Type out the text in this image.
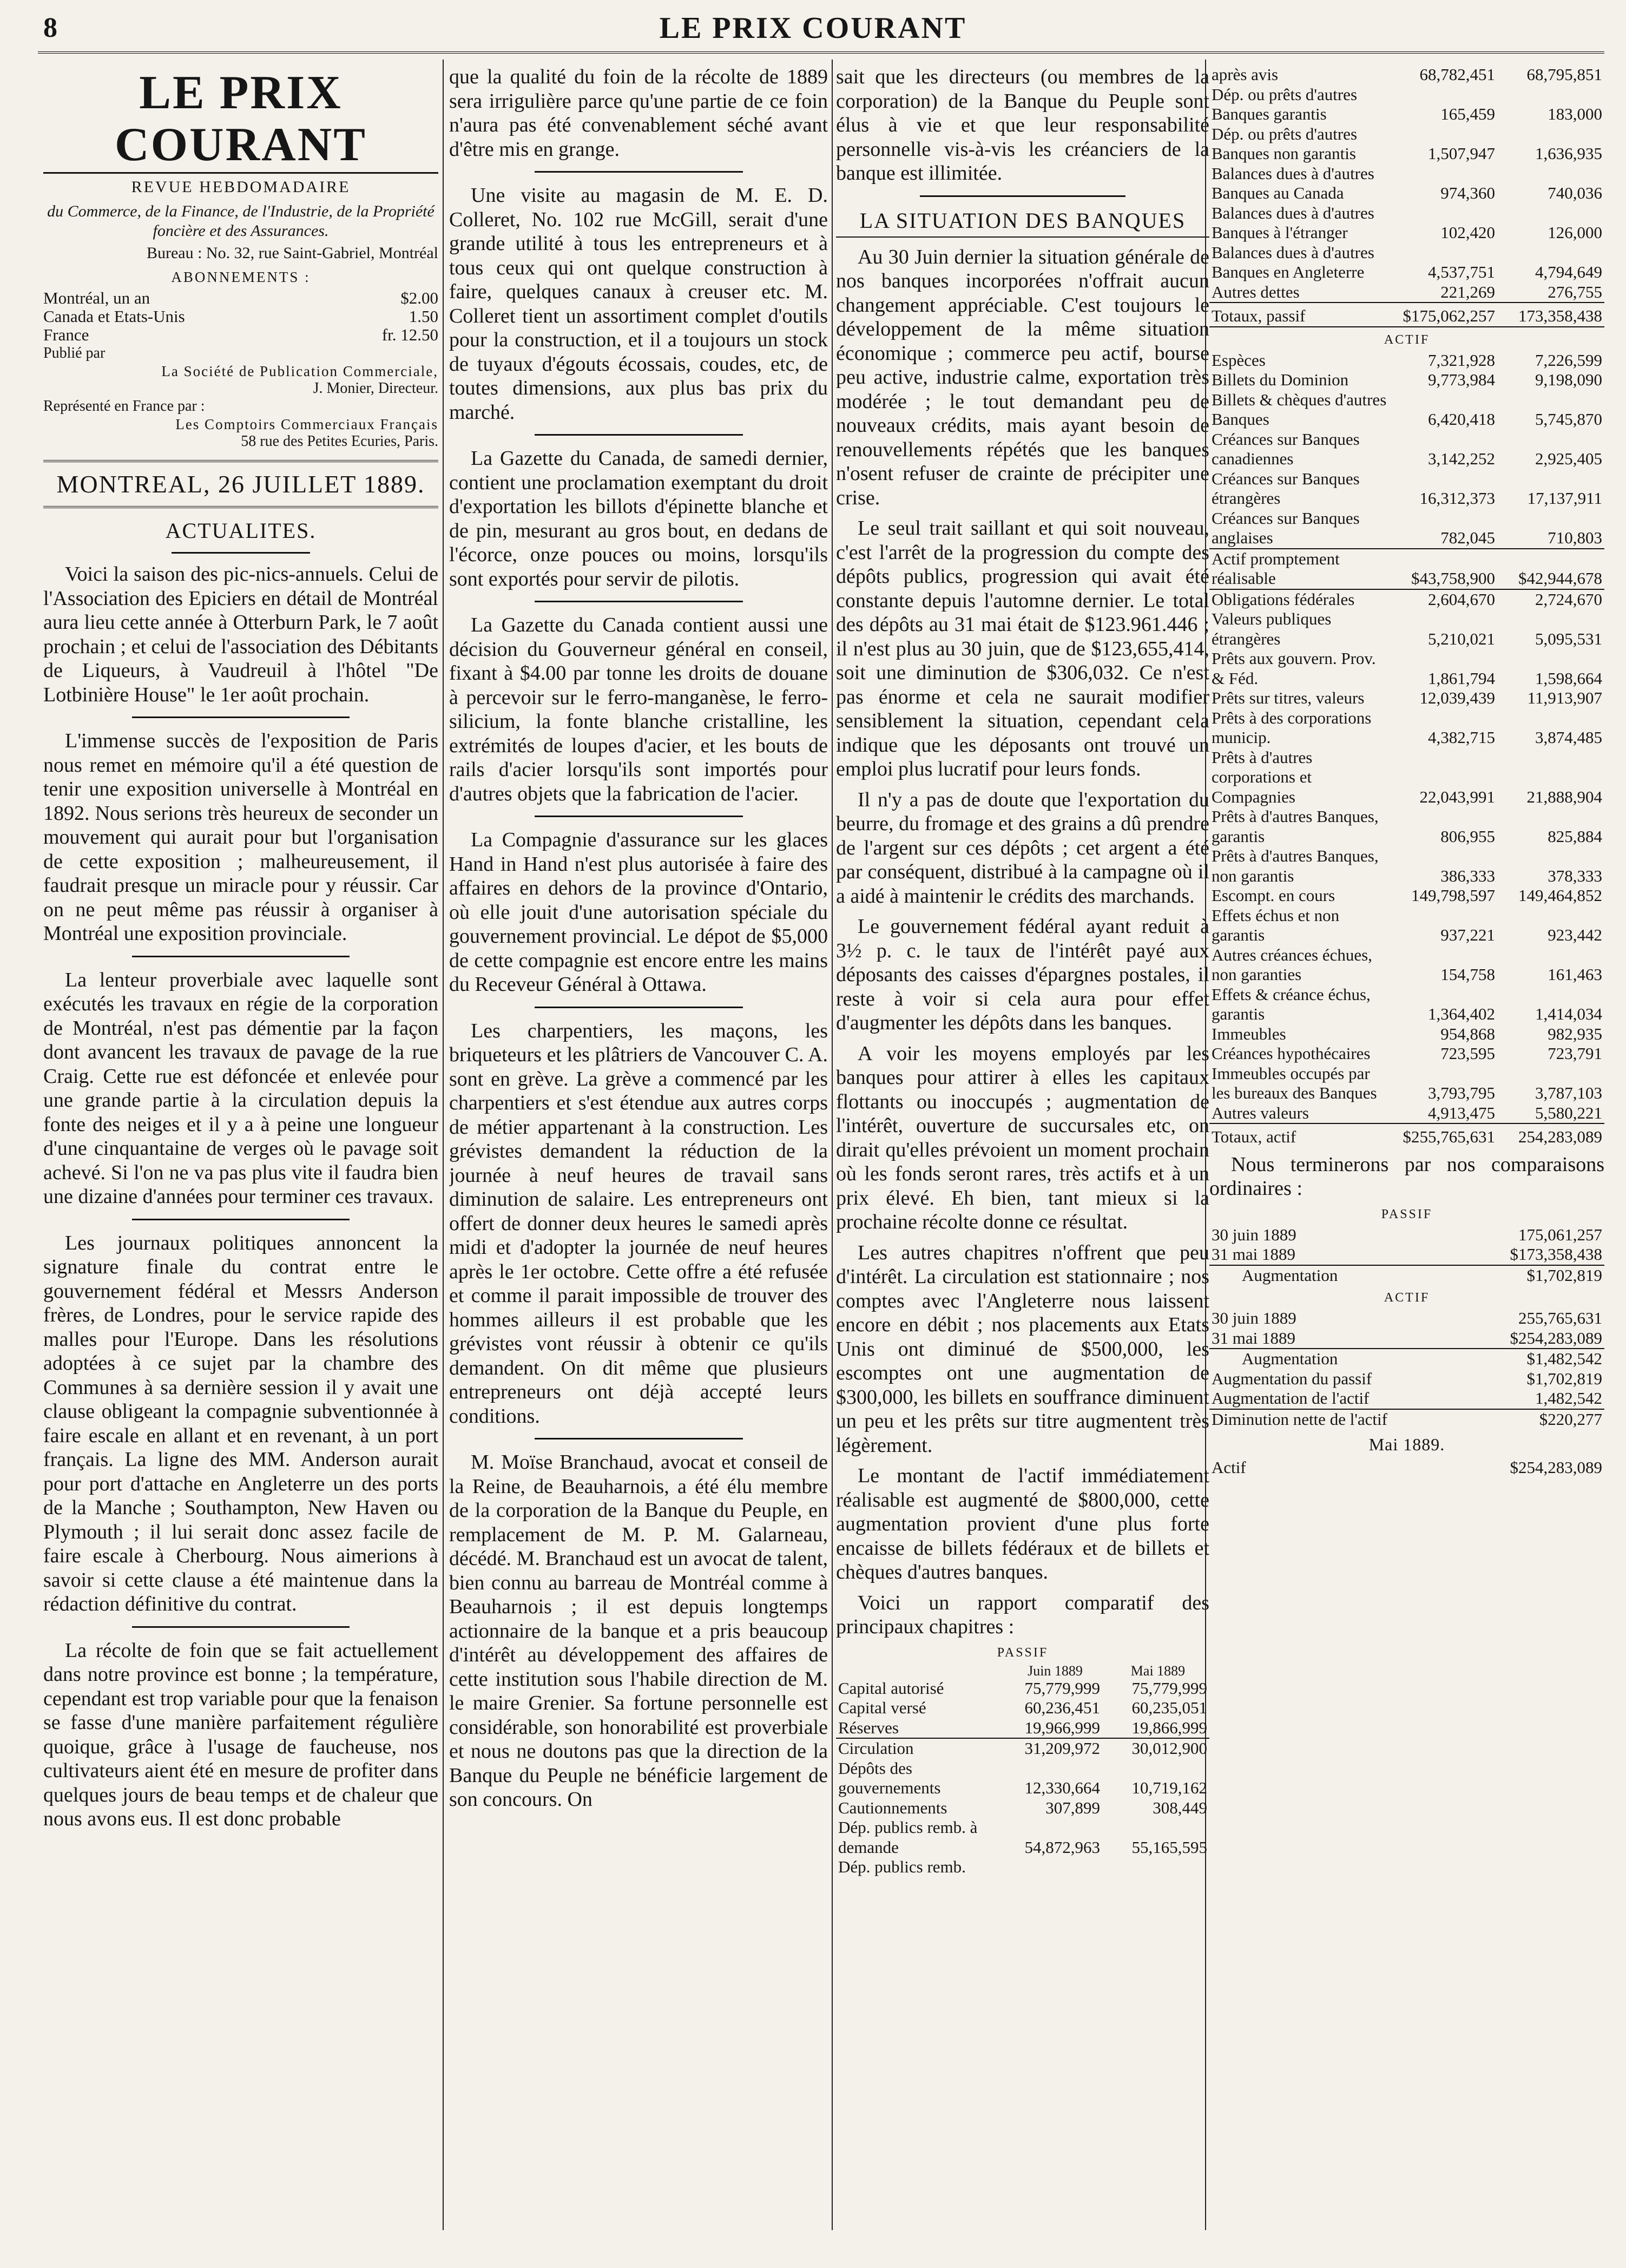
8	LE PRIX COURANT
LE PRIX COURANT
REVUE HEBDOMADAIRE
du Commerce, de la Finance, de l'Industrie, de la Propriété foncière et des Assurances.
Bureau : No. 32, rue Saint-Gabriel, Montréal
ABONNEMENTS :
Montréal, un an	$2.00
Canada et Etats-Unis	1.50
France	fr. 12.50
Publié par
La Société de Publication Commerciale,
J. Monier, Directeur.
Représenté en France par :
Les Comptoirs Commerciaux Français
58 rue des Petites Ecuries, Paris.
MONTREAL, 26 JUILLET 1889.
ACTUALITES.

Voici la saison des pic-nics-annuels. Celui de l'Association des Epiciers en détail de Montréal aura lieu cette année à Otterburn Park, le 7 août prochain ; et celui de l'association des Débitants de Liqueurs, à Vaudreuil à l'hôtel "De Lotbinière House" le 1er août prochain.

L'immense succès de l'exposition de Paris nous remet en mémoire qu'il a été question de tenir une exposition universelle à Montréal en 1892. Nous serions très heureux de seconder un mouvement qui aurait pour but l'organisation de cette exposition ; malheureusement, il faudrait presque un miracle pour y réussir. Car on ne peut même pas réussir à organiser à Montréal une exposition provinciale.

La lenteur proverbiale avec laquelle sont exécutés les travaux en régie de la corporation de Montréal, n'est pas démentie par la façon dont avancent les travaux de pavage de la rue Craig. Cette rue est défoncée et enlevée pour une grande partie à la circulation depuis la fonte des neiges et il y a à peine une longueur d'une cinquantaine de verges où le pavage soit achevé. Si l'on ne va pas plus vite il faudra bien une dizaine d'années pour terminer ces travaux.

Les journaux politiques annoncent la signature finale du contrat entre le gouvernement fédéral et Messrs Anderson frères, de Londres, pour le service rapide des malles pour l'Europe. Dans les résolutions adoptées à ce sujet par la chambre des Communes à sa dernière session il y avait une clause obligeant la compagnie subventionnée à faire escale en allant et en revenant, à un port français. La ligne des MM. Anderson aurait pour port d'attache en Angleterre un des ports de la Manche ; Southampton, New Haven ou Plymouth ; il lui serait donc assez facile de faire escale à Cherbourg. Nous aimerions à savoir si cette clause a été maintenue dans la rédaction définitive du contrat.

La récolte de foin que se fait actuellement dans notre province est bonne ; la température, cependant est trop variable pour que la fenaison se fasse d'une manière parfaitement régulière quoique, grâce à l'usage de faucheuse, nos cultivateurs aient été en mesure de profiter dans quelques jours de beau temps et de chaleur que nous avons eus. Il est donc probable

que la qualité du foin de la récolte de 1889 sera irrigulière parce qu'une partie de ce foin n'aura pas été convenablement séché avant d'être mis en grange.

Une visite au magasin de M. E. D. Colleret, No. 102 rue McGill, serait d'une grande utilité à tous les entrepreneurs et à tous ceux qui ont quelque construction à faire, quelques canaux à creuser etc. M. Colleret tient un assortiment complet d'outils pour la construction, et il a toujours un stock de tuyaux d'égouts écossais, coudes, etc, de toutes dimensions, aux plus bas prix du marché.

La Gazette du Canada, de samedi dernier, contient une proclamation exemptant du droit d'exportation les billots d'épinette blanche et de pin, mesurant au gros bout, en dedans de l'écorce, onze pouces ou moins, lorsqu'ils sont exportés pour servir de pilotis.

La Gazette du Canada contient aussi une décision du Gouverneur général en conseil, fixant à $4.00 par tonne les droits de douane à percevoir sur le ferro-manganèse, le ferro-silicium, la fonte blanche cristalline, les extrémités de loupes d'acier, et les bouts de rails d'acier lorsqu'ils sont importés pour d'autres objets que la fabrication de l'acier.

La Compagnie d'assurance sur les glaces Hand in Hand n'est plus autorisée à faire des affaires en dehors de la province d'Ontario, où elle jouit d'une autorisation spéciale du gouvernement provincial. Le dépot de $5,000 de cette compagnie est encore entre les mains du Receveur Général à Ottawa.

Les charpentiers, les maçons, les briqueteurs et les plâtriers de Vancouver C. A. sont en grève. La grève a commencé par les charpentiers et s'est étendue aux autres corps de métier appartenant à la construction. Les grévistes demandent la réduction de la journée à neuf heures de travail sans diminution de salaire. Les entrepreneurs ont offert de donner deux heures le samedi après midi et d'adopter la journée de neuf heures après le 1er octobre. Cette offre a été refusée et comme il parait impossible de trouver des hommes ailleurs il est probable que les grévistes vont réussir à obtenir ce qu'ils demandent. On dit même que plusieurs entrepreneurs ont déjà accepté leurs conditions.

M. Moïse Branchaud, avocat et conseil de la Reine, de Beauharnois, a été élu membre de la corporation de la Banque du Peuple, en remplacement de M. P. M. Galarneau, décédé. M. Branchaud est un avocat de talent, bien connu au barreau de Montréal comme à Beauharnois ; il est depuis longtemps actionnaire de la banque et a pris beaucoup d'intérêt au développement des affaires de cette institution sous l'habile direction de M. le maire Grenier. Sa fortune personnelle est considérable, son honorabilité est proverbiale et nous ne doutons pas que la direction de la Banque du Peuple ne bénéficie largement de son concours. On

sait que les directeurs (ou membres de la corporation) de la Banque du Peuple sont élus à vie et que leur responsabilité personnelle vis-à-vis les créanciers de la banque est illimitée.

LA SITUATION DES BANQUES

Au 30 Juin dernier la situation générale de nos banques incorporées n'offrait aucun changement appréciable. C'est toujours le développement de la même situation économique ; commerce peu actif, bourse peu active, industrie calme, exportation très modérée ; le tout demandant peu de nouveaux crédits, mais ayant besoin de renouvellements répétés que les banques n'osent refuser de crainte de précipiter une crise.

Le seul trait saillant et qui soit nouveau, c'est l'arrêt de la progression du compte des dépôts publics, progression qui avait été constante depuis l'automne dernier. Le total des dépôts au 31 mai était de $123.961.446 ; il n'est plus au 30 juin, que de $123,655,414, soit une diminution de $306,032. Ce n'est pas énorme et cela ne saurait modifier sensiblement la situation, cependant cela indique que les déposants ont trouvé un emploi plus lucratif pour leurs fonds.

Il n'y a pas de doute que l'exportation du beurre, du fromage et des grains a dû prendre de l'argent sur ces dépôts ; cet argent a été par conséquent, distribué à la campagne où il a aidé à maintenir le crédits des marchands.

Le gouvernement fédéral ayant reduit à 3½ p. c. le taux de l'intérêt payé aux déposants des caisses d'épargnes postales, il reste à voir si cela aura pour effet d'augmenter les dépôts dans les banques.

A voir les moyens employés par les banques pour attirer à elles les capitaux flottants ou inoccupés ; augmentation de l'intérêt, ouverture de succursales etc, on dirait qu'elles prévoient un moment prochain où les fonds seront rares, très actifs et à un prix élevé. Eh bien, tant mieux si la prochaine récolte donne ce résultat.

Les autres chapitres n'offrent que peu d'intérêt. La circulation est stationnaire ; nos comptes avec l'Angleterre nous laissent encore en débit ; nos placements aux Etats Unis ont diminué de $500,000, les escomptes ont une augmentation de $300,000, les billets en souffrance diminuent un peu et les prêts sur titre augmentent très légèrement.

Le montant de l'actif immédiatement réalisable est augmenté de $800,000, cette augmentation provient d'une plus forte encaisse de billets fédéraux et de billets et chèques d'autres banques.

Voici un rapport comparatif des principaux chapitres :

PASSIF
Juin 1889	Mai 1889
Capital autorisé	75,779,999	75,779,999
Capital versé	60,236,451	60,235,051
Réserves	19,966,999	19,866,999
Circulation	31,209,972	30,012,900
Dépôts des gouvernements	12,330,664	10,719,162
Cautionnements	307,899	308,449
Dép. publics remb. à demande	54,872,963	55,165,595
Dép. publics remb.		
après avis	68,782,451	68,795,851
Dép. ou prêts d'autres Banques garantis	165,459	183,000
Dép. ou prêts d'autres Banques non garantis	1,507,947	1,636,935
Balances dues à d'autres Banques au Canada	974,360	740,036
Balances dues à d'autres Banques à l'étranger	102,420	126,000
Balances dues à d'autres Banques en Angleterre	4,537,751	4,794,649
Autres dettes	221,269	276,755
Totaux, passif	$175,062,257	173,358,438
ACTIF
Espèces	7,321,928	7,226,599
Billets du Dominion	9,773,984	9,198,090
Billets & chèques d'autres Banques	6,420,418	5,745,870
Créances sur Banques canadiennes	3,142,252	2,925,405
Créances sur Banques étrangères	16,312,373	17,137,911
Créances sur Banques anglaises	782,045	710,803
Actif promptement réalisable	$43,758,900	$42,944,678
Obligations fédérales	2,604,670	2,724,670
Valeurs publiques étrangères	5,210,021	5,095,531
Prêts aux gouvern. Prov. & Féd.	1,861,794	1,598,664
Prêts sur titres, valeurs	12,039,439	11,913,907
Prêts à des corporations municip.	4,382,715	3,874,485
Prêts à d'autres corporations et Compagnies	22,043,991	21,888,904
Prêts à d'autres Banques, garantis	806,955	825,884
Prêts à d'autres Banques, non garantis	386,333	378,333
Escompt. en cours	149,798,597	149,464,852
Effets échus et non garantis	937,221	923,442
Autres créances échues, non garanties	154,758	161,463
Effets & créance échus, garantis	1,364,402	1,414,034
Immeubles	954,868	982,935
Créances hypothécaires	723,595	723,791
Immeubles occupés par les bureaux des Banques	3,793,795	3,787,103
Autres valeurs	4,913,475	5,580,221
Totaux, actif	$255,765,631	254,283,089

Nous terminerons par nos comparaisons ordinaires :

PASSIF
30 juin 1889	175,061,257
31 mai 1889	$173,358,438
Augmentation	$1,702,819
ACTIF
30 juin 1889	255,765,631
31 mai 1889	$254,283,089
Augmentation	$1,482,542
Augmentation du passif	$1,702,819
Augmentation de l'actif	1,482,542
Diminution nette de l'actif	$220,277
Mai 1889.
Actif	$254,283,089
